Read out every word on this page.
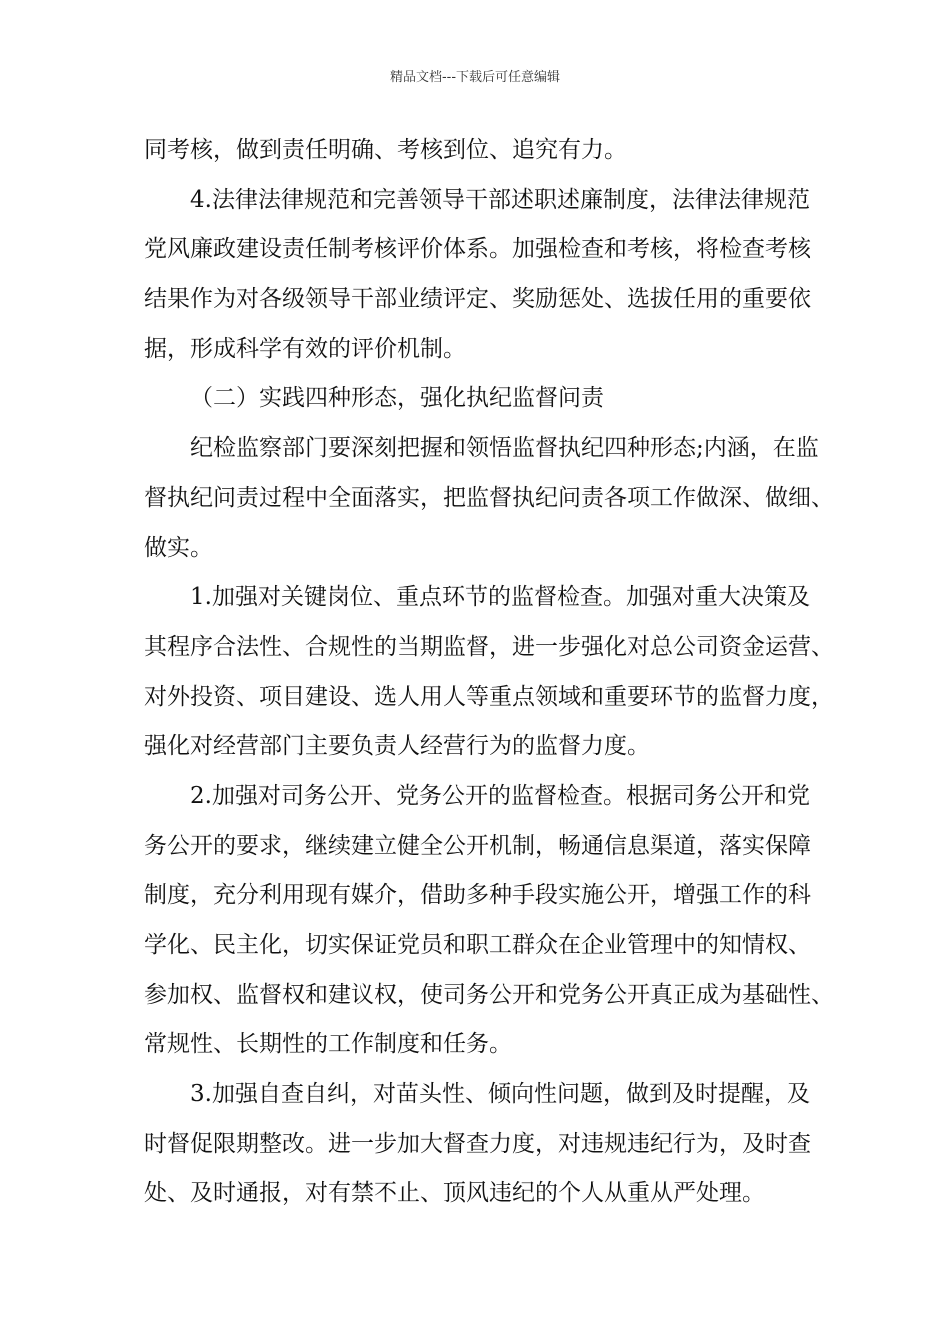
精品文档---下载后可任意编辑
同考核，做到责任明确、考核到位、追究有力。
4.法律法律规范和完善领导干部述职述廉制度，法律法律规范
党风廉政建设责任制考核评价体系。加强检查和考核，将检查考核
结果作为对各级领导干部业绩评定、奖励惩处、选拔任用的重要依
据，形成科学有效的评价机制。
（二）实践四种形态，强化执纪监督问责
纪检监察部门要深刻把握和领悟监督执纪四种形态;内涵，在监
督执纪问责过程中全面落实，把监督执纪问责各项工作做深、做细、
做实。
1.加强对关键岗位、重点环节的监督检查。加强对重大决策及
其程序合法性、合规性的当期监督，进一步强化对总公司资金运营、
对外投资、项目建设、选人用人等重点领域和重要环节的监督力度，
强化对经营部门主要负责人经营行为的监督力度。
2.加强对司务公开、党务公开的监督检查。根据司务公开和党
务公开的要求，继续建立健全公开机制，畅通信息渠道，落实保障
制度，充分利用现有媒介，借助多种手段实施公开，增强工作的科
学化、民主化，切实保证党员和职工群众在企业管理中的知情权、
参加权、监督权和建议权，使司务公开和党务公开真正成为基础性、
常规性、长期性的工作制度和任务。
3.加强自查自纠，对苗头性、倾向性问题，做到及时提醒，及
时督促限期整改。进一步加大督查力度，对违规违纪行为，及时查
处、及时通报，对有禁不止、顶风违纪的个人从重从严处理。
